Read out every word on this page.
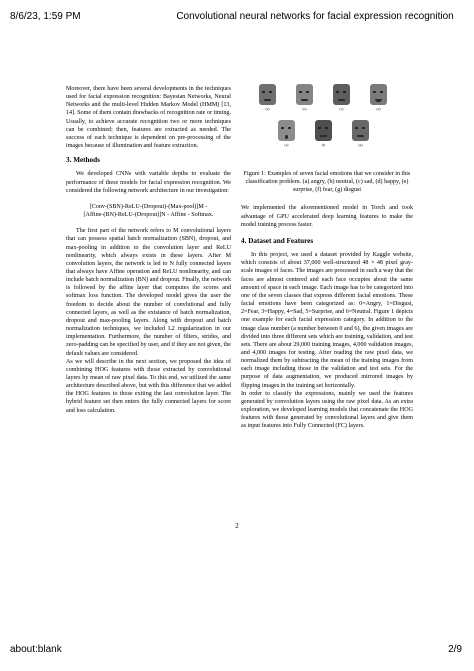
8/6/23, 1:59 PM	Convolutional neural networks for facial expression recognition

Moreover, there have been several developments in the techniques used for facial expression recognition: Bayesian Networks, Neural Networks and the multi-level Hidden Markov Model (HMM) [13, 14]. Some of them contain drawbacks of recognition rate or timing. Usually, to achieve accurate recognition two or more techniques can be combined; then, features are extracted as needed. The success of each technique is dependent on pre-processing of the images because of illumination and feature extraction.

3. Methods

We developed CNNs with variable depths to evaluate the performance of these models for facial expression recognition. We considered the following network architecture in our investigation:

[Conv-(SBN)-ReLU-(Dropout)-(Max-pool)]M -
[Affine-(BN)-ReLU-(Dropout)]N - Affine - Softmax.

The first part of the network refers to M convolutional layers that can possess spatial batch normalization (SBN), dropout, and max-pooling in addition to the convolution layer and ReLU nonlinearity, which always exists in these layers. After M convolution layers, the network is led to N fully connected layers that always have Affine operation and ReLU nonlinearity, and can include batch normalization (BN) and dropout. Finally, the network is followed by the affine layer that computes the scores and softmax loss function. The developed model gives the user the freedom to decide about the number of convlutional and fully connected layers, as well as the existance of batch normalization, dropout and max-pooling layers. Along with dropout and batch normalization techniques, we included L2 regularization in our implementation. Furthermore, the number of filters, strides, and zero-padding can be specified by user, and if they are not given, the default values are considered.

As we will describe in the next section, we proposed the idea of combining HOG features with those extracted by convolutional layers by mean of raw pixel data. To this end, we utilized the same architecture described above, but with this difference that we added the HOG features to those exiting the last convolution layer. The hybrid feature set then enters the fully connected layers for score and loss calculation.

(a)	(b)	(c)	(d)
(e)	(f)	(g)
Figure 1: Examples of seven facial emotions that we consider in this classification problem. (a) angry, (b) neutral, (c) sad, (d) happy, (e) surprise, (f) fear, (g) disgust

We implemented the aforementioned model in Torch and took advantage of GPU accelerated deep learning features to make the model training process faster.

4. Dataset and Features

In this project, we used a dataset provided by Kaggle website, which consists of about 37,000 well-structured 48 × 48 pixel gray-scale images of faces. The images are processed in such a way that the faces are almost centered and each face occupies about the same amount of space in each image. Each image has to be categorized into one of the seven classes that express different facial emotions. These facial emotions have been categorized as: 0=Angry, 1=Disgust, 2=Fear, 3=Happy, 4=Sad, 5=Surprise, and 6=Neutral. Figure 1 depicts one example for each facial expression category. In addition to the image class number (a number between 0 and 6), the given images are divided into three different sets which are training, validation, and test sets. There are about 29,000 training images, 4,000 validation images, and 4,000 images for testing. After reading the raw pixel data, we normalized them by subtracting the mean of the training images from each image including those in the validation and test sets. For the purpose of data augmentation, we produced mirrored images by flipping images in the training set horizontally.

In order to classify the expressions, mainly we used the features generated by convolution layers using the raw pixel data. As an extra exploration, we developed learning models that concatenate the HOG features with those generated by convolutional layers and give them as input features into Fully Connected (FC) layers.

2
about:blank	2/9
